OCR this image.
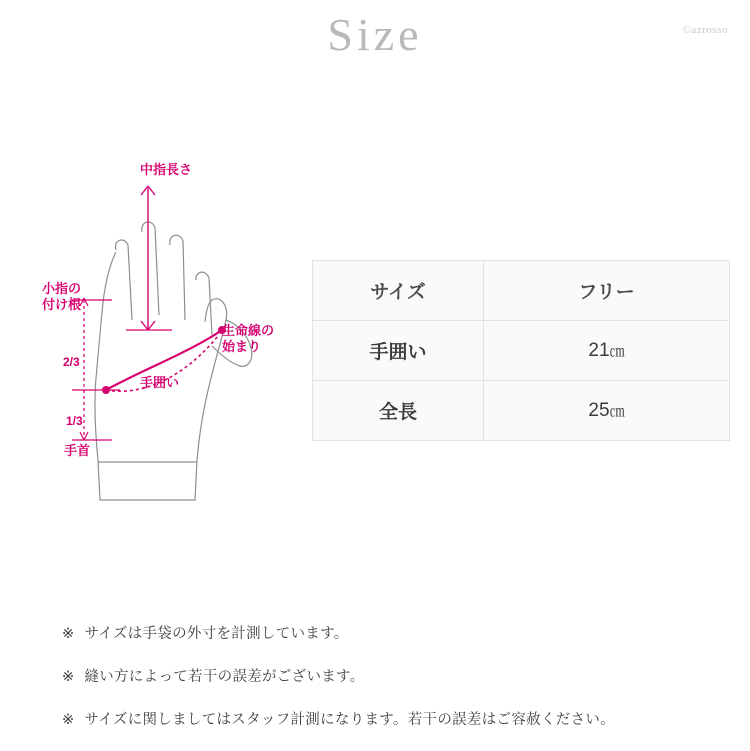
Size	©azrosso
中指長さ
小指の
付け根
生命線の
始まり
手囲い
手首
2/3
1/3
サイズ	フリー
手囲い	21㎝
全長	25㎝
※ サイズは手袋の外寸を計測しています。
※ 縫い方によって若干の誤差がございます。
※ サイズに関しましてはスタッフ計測になります。若干の誤差はご容赦ください。
